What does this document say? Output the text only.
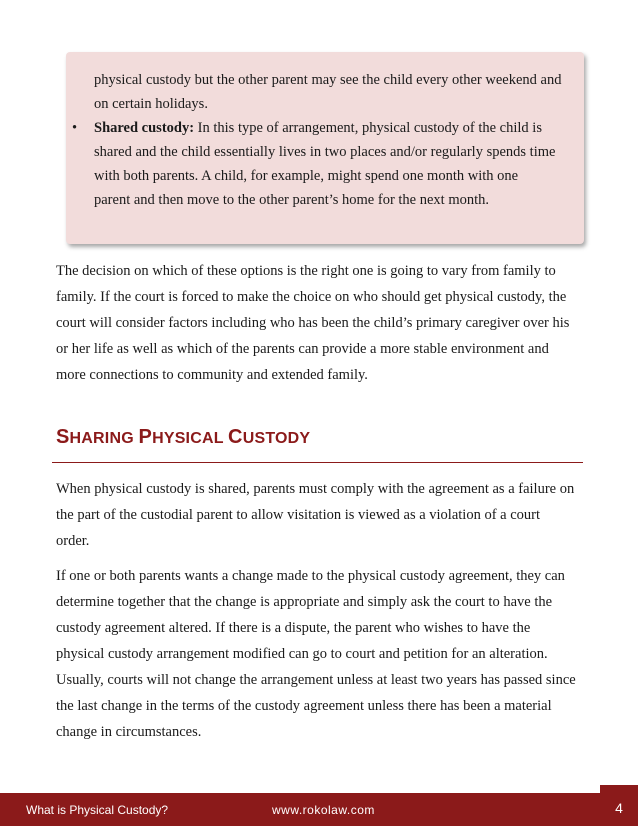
physical custody but the other parent may see the child every other weekend and on certain holidays.
• Shared custody: In this type of arrangement, physical custody of the child is shared and the child essentially lives in two places and/or regularly spends time with both parents. A child, for example, might spend one month with one parent and then move to the other parent’s home for the next month.
The decision on which of these options is the right one is going to vary from family to family. If the court is forced to make the choice on who should get physical custody, the court will consider factors including who has been the child’s primary caregiver over his or her life as well as which of the parents can provide a more stable environment and more connections to community and extended family.
SHARING PHYSICAL CUSTODY
When physical custody is shared, parents must comply with the agreement as a failure on the part of the custodial parent to allow visitation is viewed as a violation of a court order.
If one or both parents wants a change made to the physical custody agreement, they can determine together that the change is appropriate and simply ask the court to have the custody agreement altered. If there is a dispute, the parent who wishes to have the physical custody arrangement modified can go to court and petition for an alteration. Usually, courts will not change the arrangement unless at least two years has passed since the last change in the terms of the custody agreement unless there has been a material change in circumstances.
What is Physical Custody?	www.rokolaw.com	4
